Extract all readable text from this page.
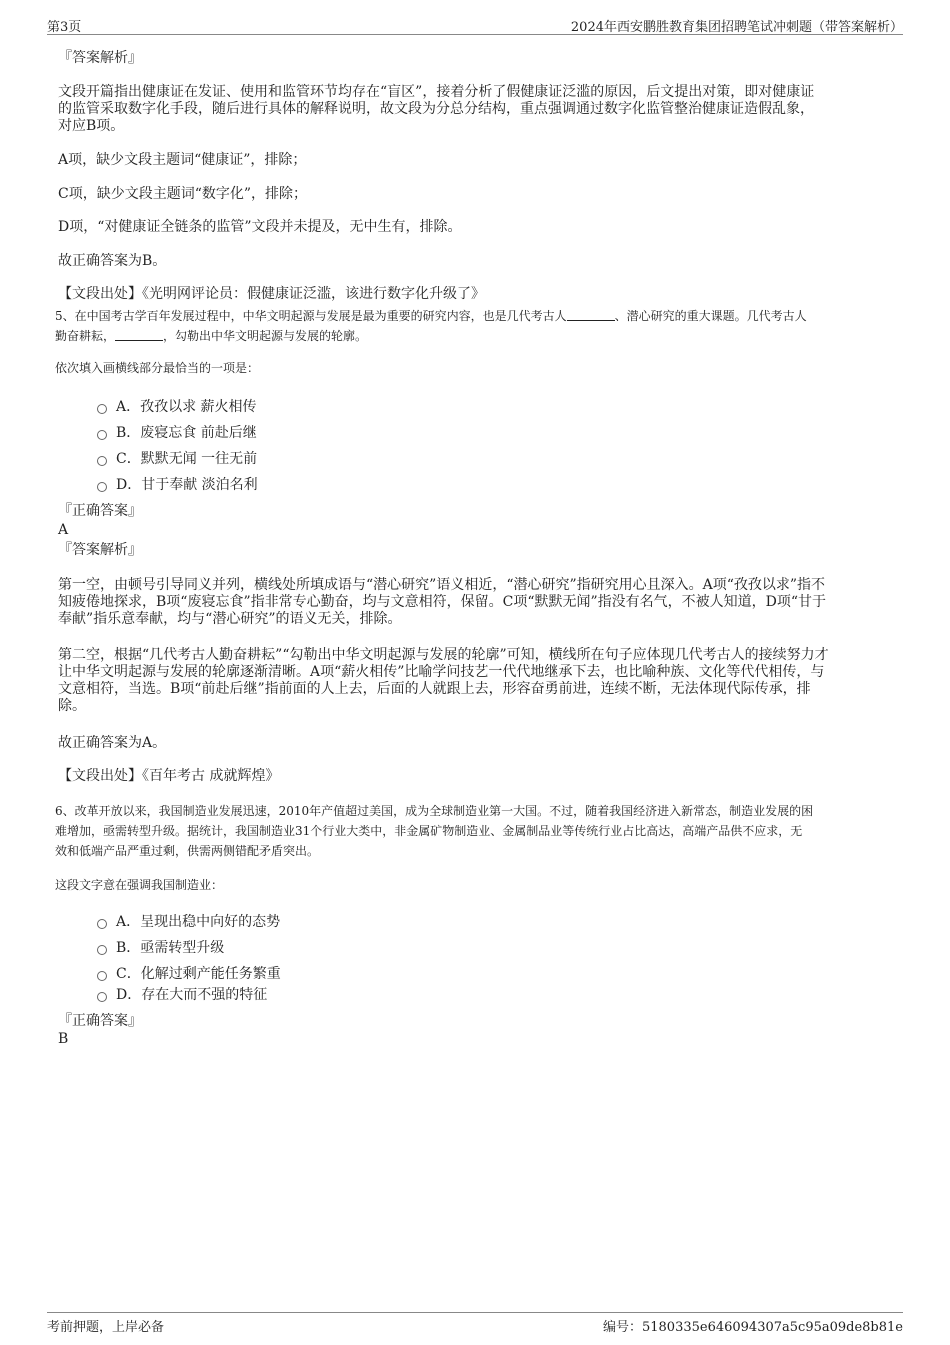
第3页	2024年西安鹏胜教育集团招聘笔试冲刺题（带答案解析）
『答案解析』
文段开篇指出健康证在发证、使用和监管环节均存在“盲区”，接着分析了假健康证泛滥的原因，后文提出对策，即对健康证
的监管采取数字化手段，随后进行具体的解释说明，故文段为分总分结构，重点强调通过数字化监管整治健康证造假乱象，
对应B项。
A项，缺少文段主题词“健康证”，排除；
C项，缺少文段主题词“数字化”，排除；
D项，“对健康证全链条的监管”文段并未提及，无中生有，排除。
故正确答案为B。
【文段出处】《光明网评论员：假健康证泛滥，该进行数字化升级了》
5、在中国考古学百年发展过程中，中华文明起源与发展是最为重要的研究内容，也是几代考古人	、潜心研究的重大课题。几代考古人
勤奋耕耘，	，勾勒出中华文明起源与发展的轮廓。
依次填入画横线部分最恰当的一项是：
A．孜孜以求 薪火相传
B．废寝忘食 前赴后继
C．默默无闻 一往无前
D．甘于奉献 淡泊名利
『正确答案』
A
『答案解析』
第一空，由顿号引导同义并列，横线处所填成语与“潜心研究”语义相近，“潜心研究”指研究用心且深入。A项“孜孜以求”指不
知疲倦地探求，B项“废寝忘食”指非常专心勤奋，均与文意相符，保留。C项“默默无闻”指没有名气，不被人知道，D项“甘于
奉献”指乐意奉献，均与“潜心研究”的语义无关，排除。
第二空，根据“几代考古人勤奋耕耘”“勾勒出中华文明起源与发展的轮廓”可知，横线所在句子应体现几代考古人的接续努力才
让中华文明起源与发展的轮廓逐渐清晰。A项“薪火相传”比喻学问技艺一代代地继承下去，也比喻种族、文化等代代相传，与
文意相符，当选。B项“前赴后继”指前面的人上去，后面的人就跟上去，形容奋勇前进，连续不断，无法体现代际传承，排
除。
故正确答案为A。
【文段出处】《百年考古 成就辉煌》
6、改革开放以来，我国制造业发展迅速，2010年产值超过美国，成为全球制造业第一大国。不过，随着我国经济进入新常态，制造业发展的困
难增加，亟需转型升级。据统计，我国制造业31个行业大类中，非金属矿物制造业、金属制品业等传统行业占比高达，高端产品供不应求，无
效和低端产品严重过剩，供需两侧错配矛盾突出。
这段文字意在强调我国制造业：
A．呈现出稳中向好的态势
B．亟需转型升级
C．化解过剩产能任务繁重
D．存在大而不强的特征
『正确答案』
B
考前押题，上岸必备	编号：5180335e646094307a5c95a09de8b81e
